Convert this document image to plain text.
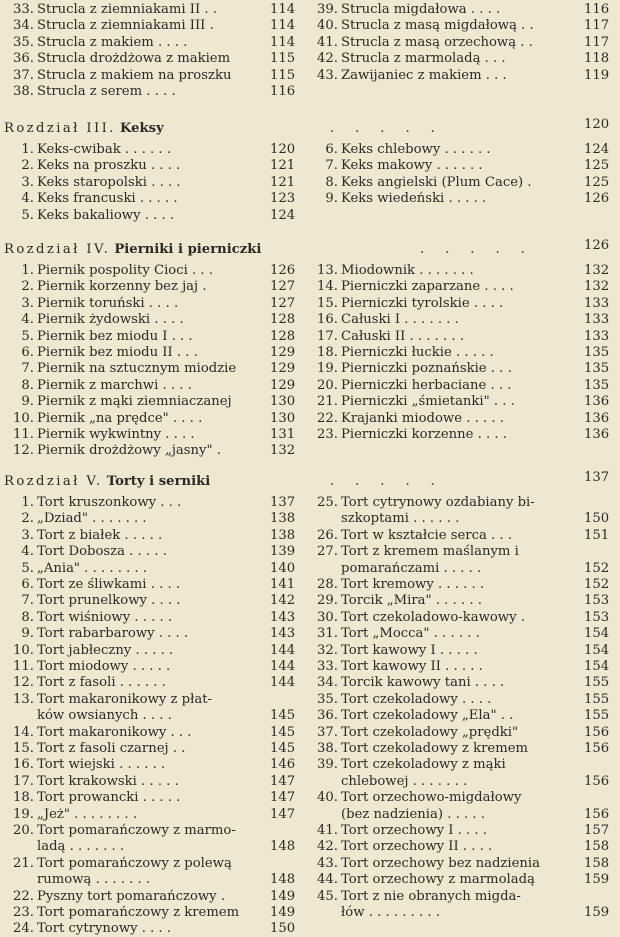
33. Strucla z ziemniakami II . .	114
34. Strucla z ziemniakami III .	114
35. Strucla z makiem . . . .	114
36. Strucla drożdżowa z makiem	115
37. Strucla z makiem na proszku	115
38. Strucla z serem . . . .	116
39. Strucla migdałowa . . . .	116
40. Strucla z masą migdałową . .	117
41. Strucla z masą orzechową . .	117
42. Strucla z marmoladą . . .	118
43. Zawijaniec z makiem . . .	119
Rozdział III. Keksy	.     .     .     .     .	120
1. Keks-cwibak . . . . . .	120
2. Keks na proszku . . . .	121
3. Keks staropolski . . . .	121
4. Keks francuski . . . . .	123
5. Keks bakaliowy . . . .	124
6. Keks chlebowy . . . . . .	124
7. Keks makowy . . . . . .	125
8. Keks angielski (Plum Cace) .	125
9. Keks wiedeński . . . . .	126
Rozdział IV. Pierniki i pierniczki	.     .     .     .     .	126
1. Piernik pospolity Cioci . . .	126
2. Piernik korzenny bez jaj .	127
3. Piernik toruński . . . .	127
4. Piernik żydowski . . . .	128
5. Piernik bez miodu I . . .	128
6. Piernik bez miodu II . . .	129
7. Piernik na sztucznym miodzie	129
8. Piernik z marchwi . . . .	129
9. Piernik z mąki ziemniaczanej	130
10. Piernik „na prędce" . . . .	130
11. Piernik wykwintny . . . .	131
12. Piernik drożdżowy „jasny" .	132
13. Miodownik . . . . . . .	132
14. Pierniczki zaparzane . . . .	132
15. Pierniczki tyrolskie . . . .	133
16. Całuski I . . . . . . .	133
17. Całuski II . . . . . . .	133
18. Pierniczki łuckie . . . . .	135
19. Pierniczki poznańskie . . .	135
20. Pierniczki herbaciane . . .	135
21. Pierniczki „śmietanki" . . .	136
22. Krajanki miodowe . . . . .	136
23. Pierniczki korzenne . . . .	136
Rozdział V. Torty i serniki	.     .     .     .     .	137
1. Tort kruszonkowy . . .	137
2. „Dziad" . . . . . . .	138
3. Tort z białek . . . . .	138
4. Tort Dobosza . . . . .	139
5. „Ania" . . . . . . . .	140
6. Tort ze śliwkami . . . .	141
7. Tort prunelkowy . . . .	142
8. Tort wiśniowy . . . . .	143
9. Tort rabarbarowy . . . .	143
10. Tort jabłeczny . . . . .	144
11. Tort miodowy . . . . .	144
12. Tort z fasoli . . . . . .	144
13. Tort makaronikowy z płat-
ków owsianych . . . .	145
14. Tort makaronikowy . . .	145
15. Tort z fasoli czarnej . .	145
16. Tort wiejski . . . . . .	146
17. Tort krakowski . . . . .	147
18. Tort prowancki . . . . .	147
19. „Jeż" . . . . . . . .	147
20. Tort pomarańczowy z marmo-
ladą . . . . . . .	148
21. Tort pomarańczowy z polewą
rumową . . . . . . .	148
22. Pyszny tort pomarańczowy .	149
23. Tort pomarańczowy z kremem 149
24. Tort cytrynowy . . . .	150
25. Tort cytrynowy ozdabiany bi-
szkoptami . . . . . .	150
26. Tort w kształcie serca . . .	151
27. Tort z kremem maślanym i
pomarańczami . . . . .	152
28. Tort kremowy . . . . . .	152
29. Torcik „Mira" . . . . . .	153
30. Tort czekoladowo-kawowy .	153
31. Tort „Mocca" . . . . . .	154
32. Tort kawowy I . . . . .	154
33. Tort kawowy II . . . . .	154
34. Torcik kawowy tani . . . .	155
35. Tort czekoladowy . . . .	155
36. Tort czekoladowy „Ela" . .	155
37. Tort czekoladowy „prędki"	156
38. Tort czekoladowy z kremem	156
39. Tort czekoladowy z mąki
chlebowej . . . . . . .	156
40. Tort orzechowo-migdałowy
(bez nadzienia) . . . . .	156
41. Tort orzechowy I . . . .	157
42. Tort orzechowy II . . . .	158
43. Tort orzechowy bez nadzienia	158
44. Tort orzechowy z marmoladą	159
45. Tort z nie obranych migda-
łów . . . . . . . . .	159
